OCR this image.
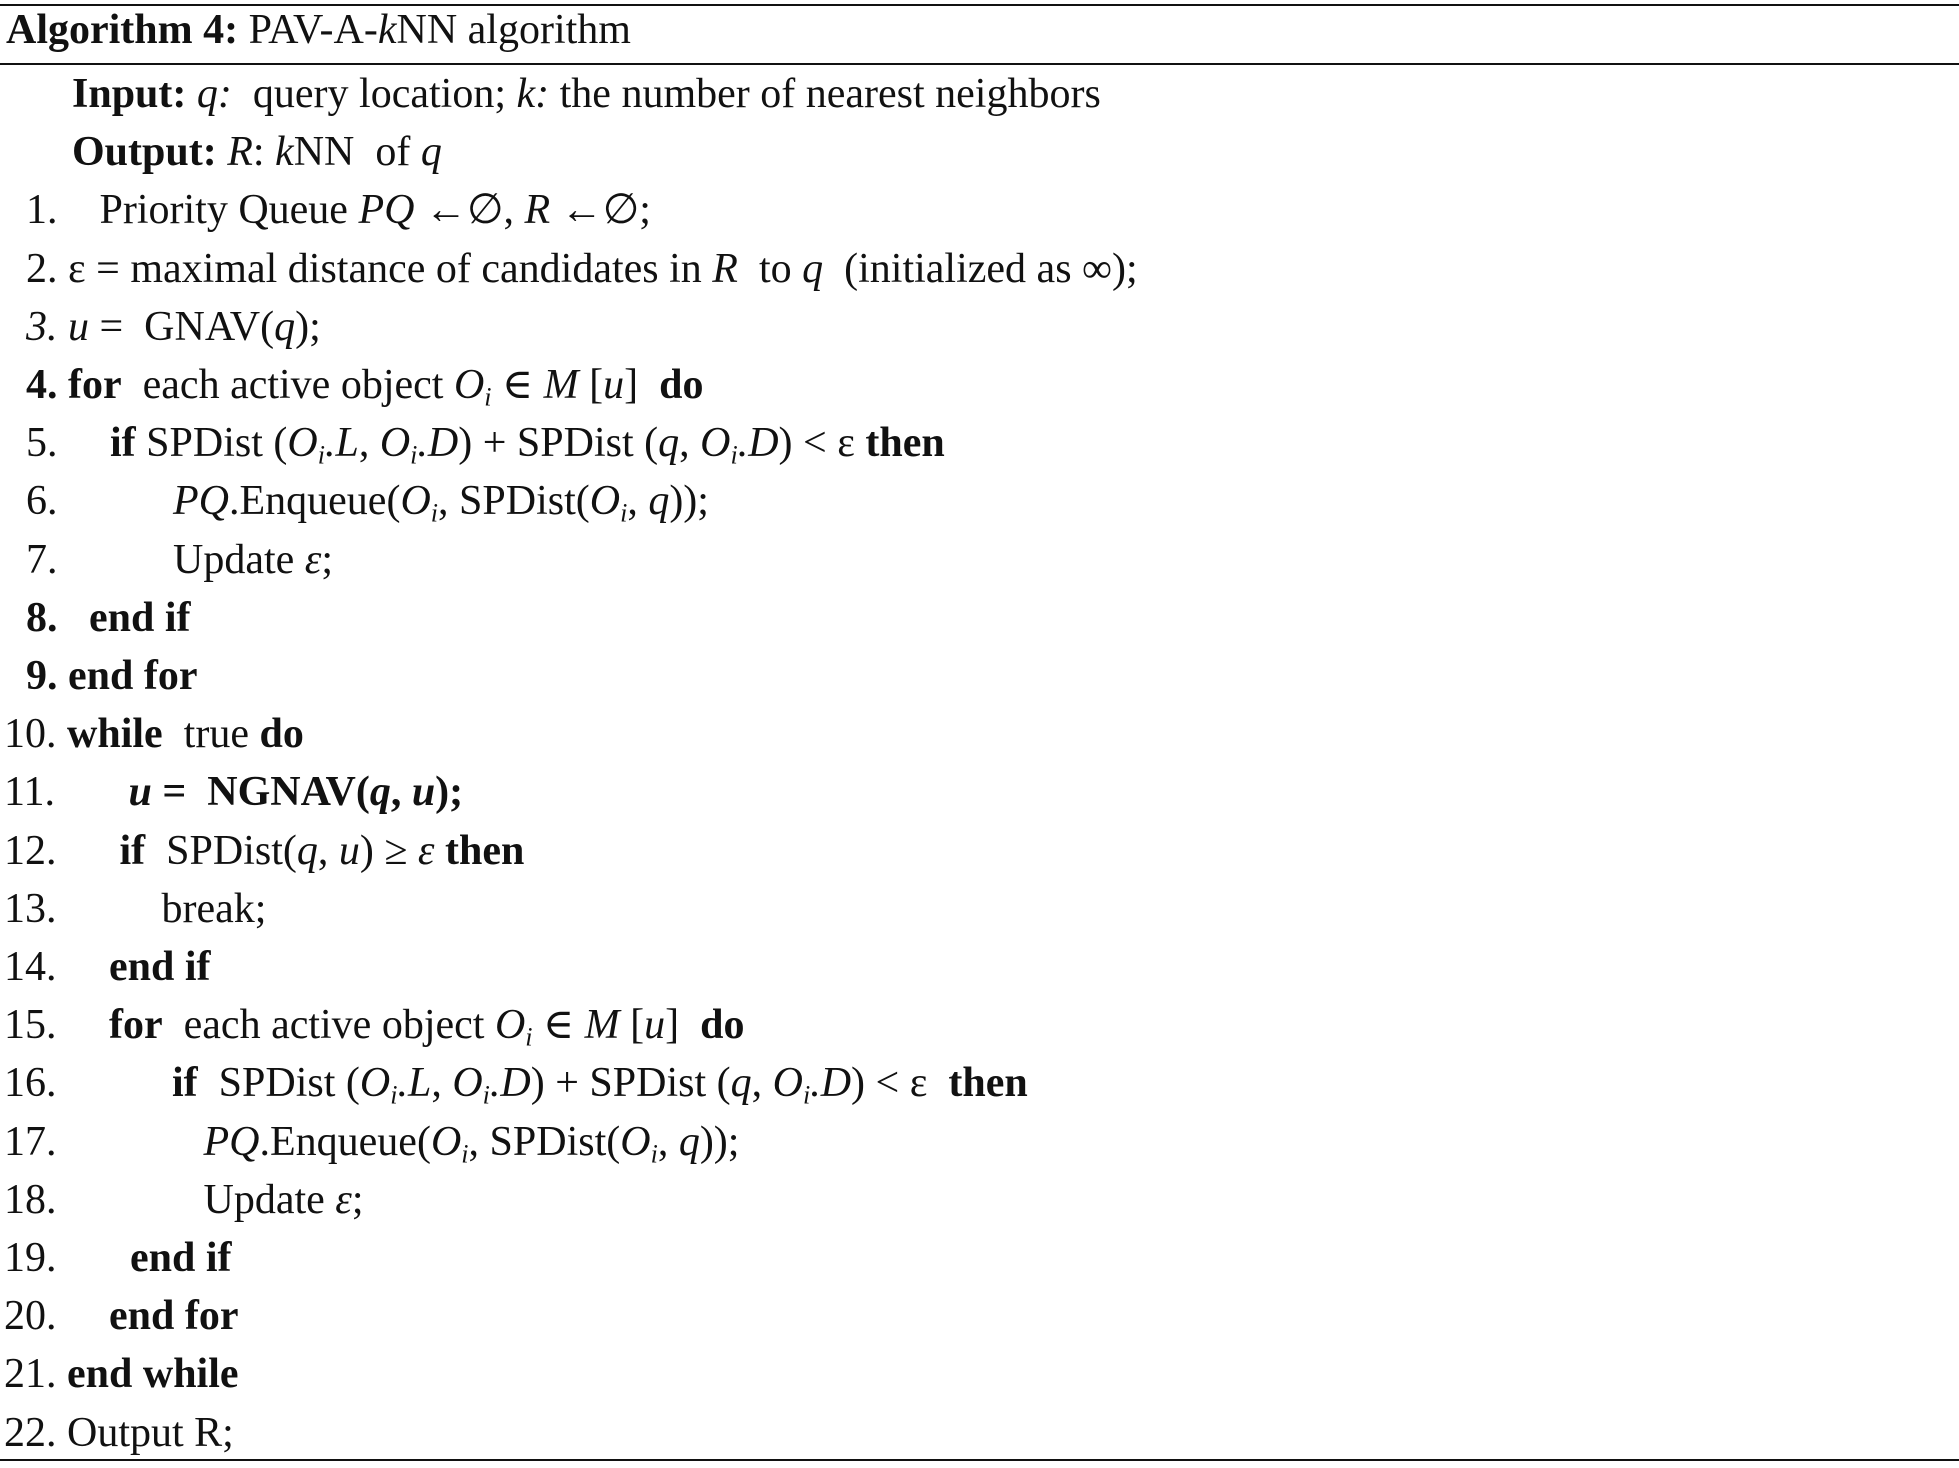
Algorithm 4: PAV-A-kNN algorithm
Input: q:  query location; k: the number of nearest neighbors
Output: R: kNN  of q
1.    Priority Queue PQ ←∅, R ←∅;
2. ε = maximal distance of candidates in R  to q  (initialized as ∞);
3. u =  GNAV(q);
4. for  each active object $O_i$ ∈ M [u]  do
5.     if SPDist ($O_i.L$, $O_i.D$) + SPDist (q, $O_i.D) < \varepsilon$ then
6.           $PQ.Enqueue(O_i$, $SPDist(O_i$, q));
7.           Update ε;
8.   end if
9. end for
10. while  true do
11.       u =  NGNAV(q, u);
12.      if  SPDist(q, u) ≥ ε then
13.          break;
14.     end if
15.     for  each active object $O_i$ ∈ M [u]  do
16.           if  SPDist ($O_i.L$, $O_i.D$) + SPDist (q, $O_i.D) < \varepsilon$  then
17.              $PQ.Enqueue(O_i$, $SPDist(O_i$, q));
18.              Update ε;
19.       end if
20.     end for
21. end while
22. Output R;
